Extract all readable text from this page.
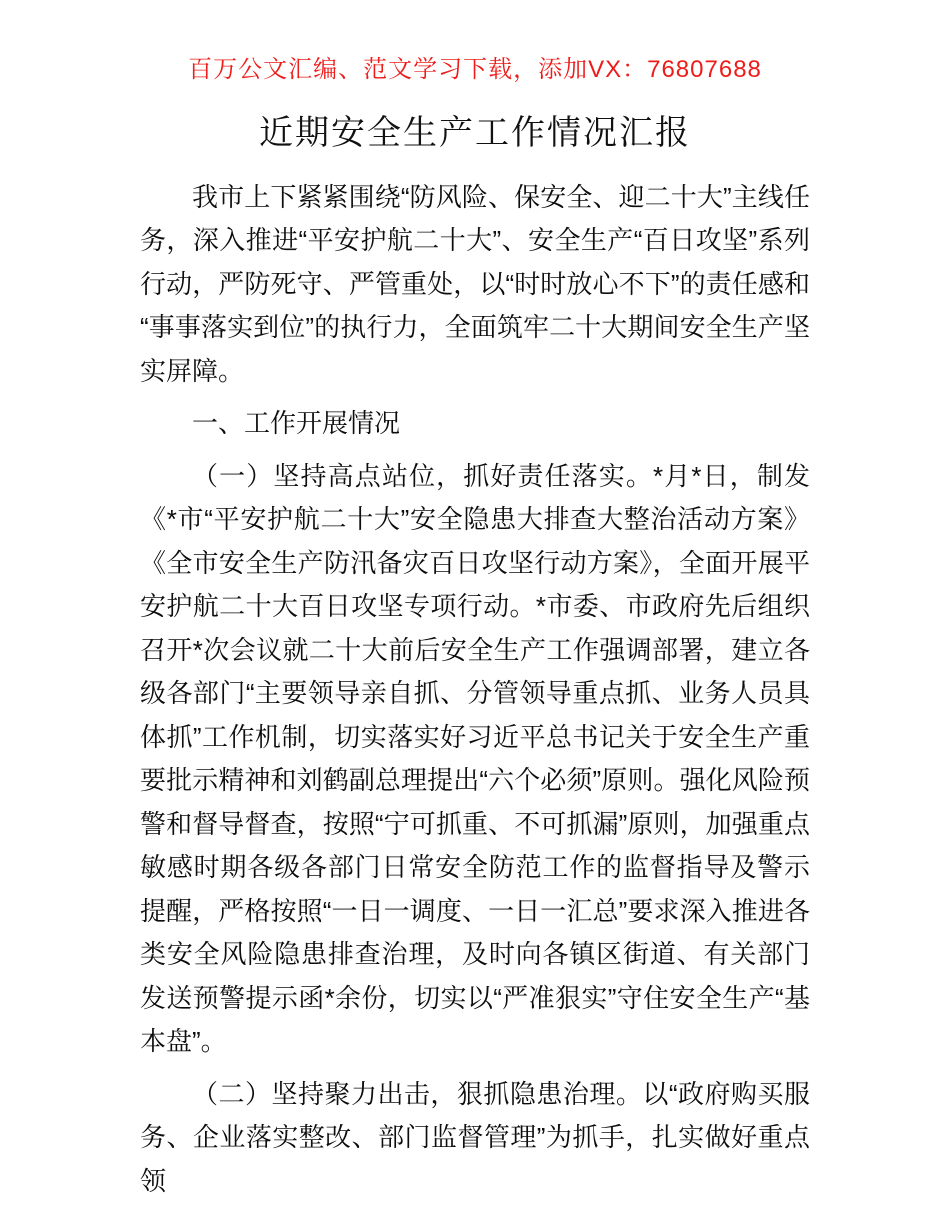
百万公文汇编、范文学习下载，添加VX：76807688
近期安全生产工作情况汇报

我市上下紧紧围绕“防风险、保安全、迎二十大”主线任务，深入推进“平安护航二十大”、安全生产“百日攻坚”系列行动，严防死守、严管重处，以“时时放心不下”的责任感和“事事落实到位”的执行力，全面筑牢二十大期间安全生产坚实屏障。

一、工作开展情况

（一）坚持高点站位，抓好责任落实。*月*日，制发《*市“平安护航二十大”安全隐患大排查大整治活动方案》《全市安全生产防汛备灾百日攻坚行动方案》，全面开展平安护航二十大百日攻坚专项行动。*市委、市政府先后组织召开*次会议就二十大前后安全生产工作强调部署，建立各级各部门“主要领导亲自抓、分管领导重点抓、业务人员具体抓”工作机制，切实落实好习近平总书记关于安全生产重要批示精神和刘鹤副总理提出“六个必须”原则。强化风险预警和督导督查，按照“宁可抓重、不可抓漏”原则，加强重点敏感时期各级各部门日常安全防范工作的监督指导及警示提醒，严格按照“一日一调度、一日一汇总”要求深入推进各类安全风险隐患排查治理，及时向各镇区街道、有关部门发送预警提示函*余份，切实以“严准狠实”守住安全生产“基本盘”。

（二）坚持聚力出击，狠抓隐患治理。以“政府购买服务、企业落实整改、部门监督管理”为抓手，扎实做好重点领
